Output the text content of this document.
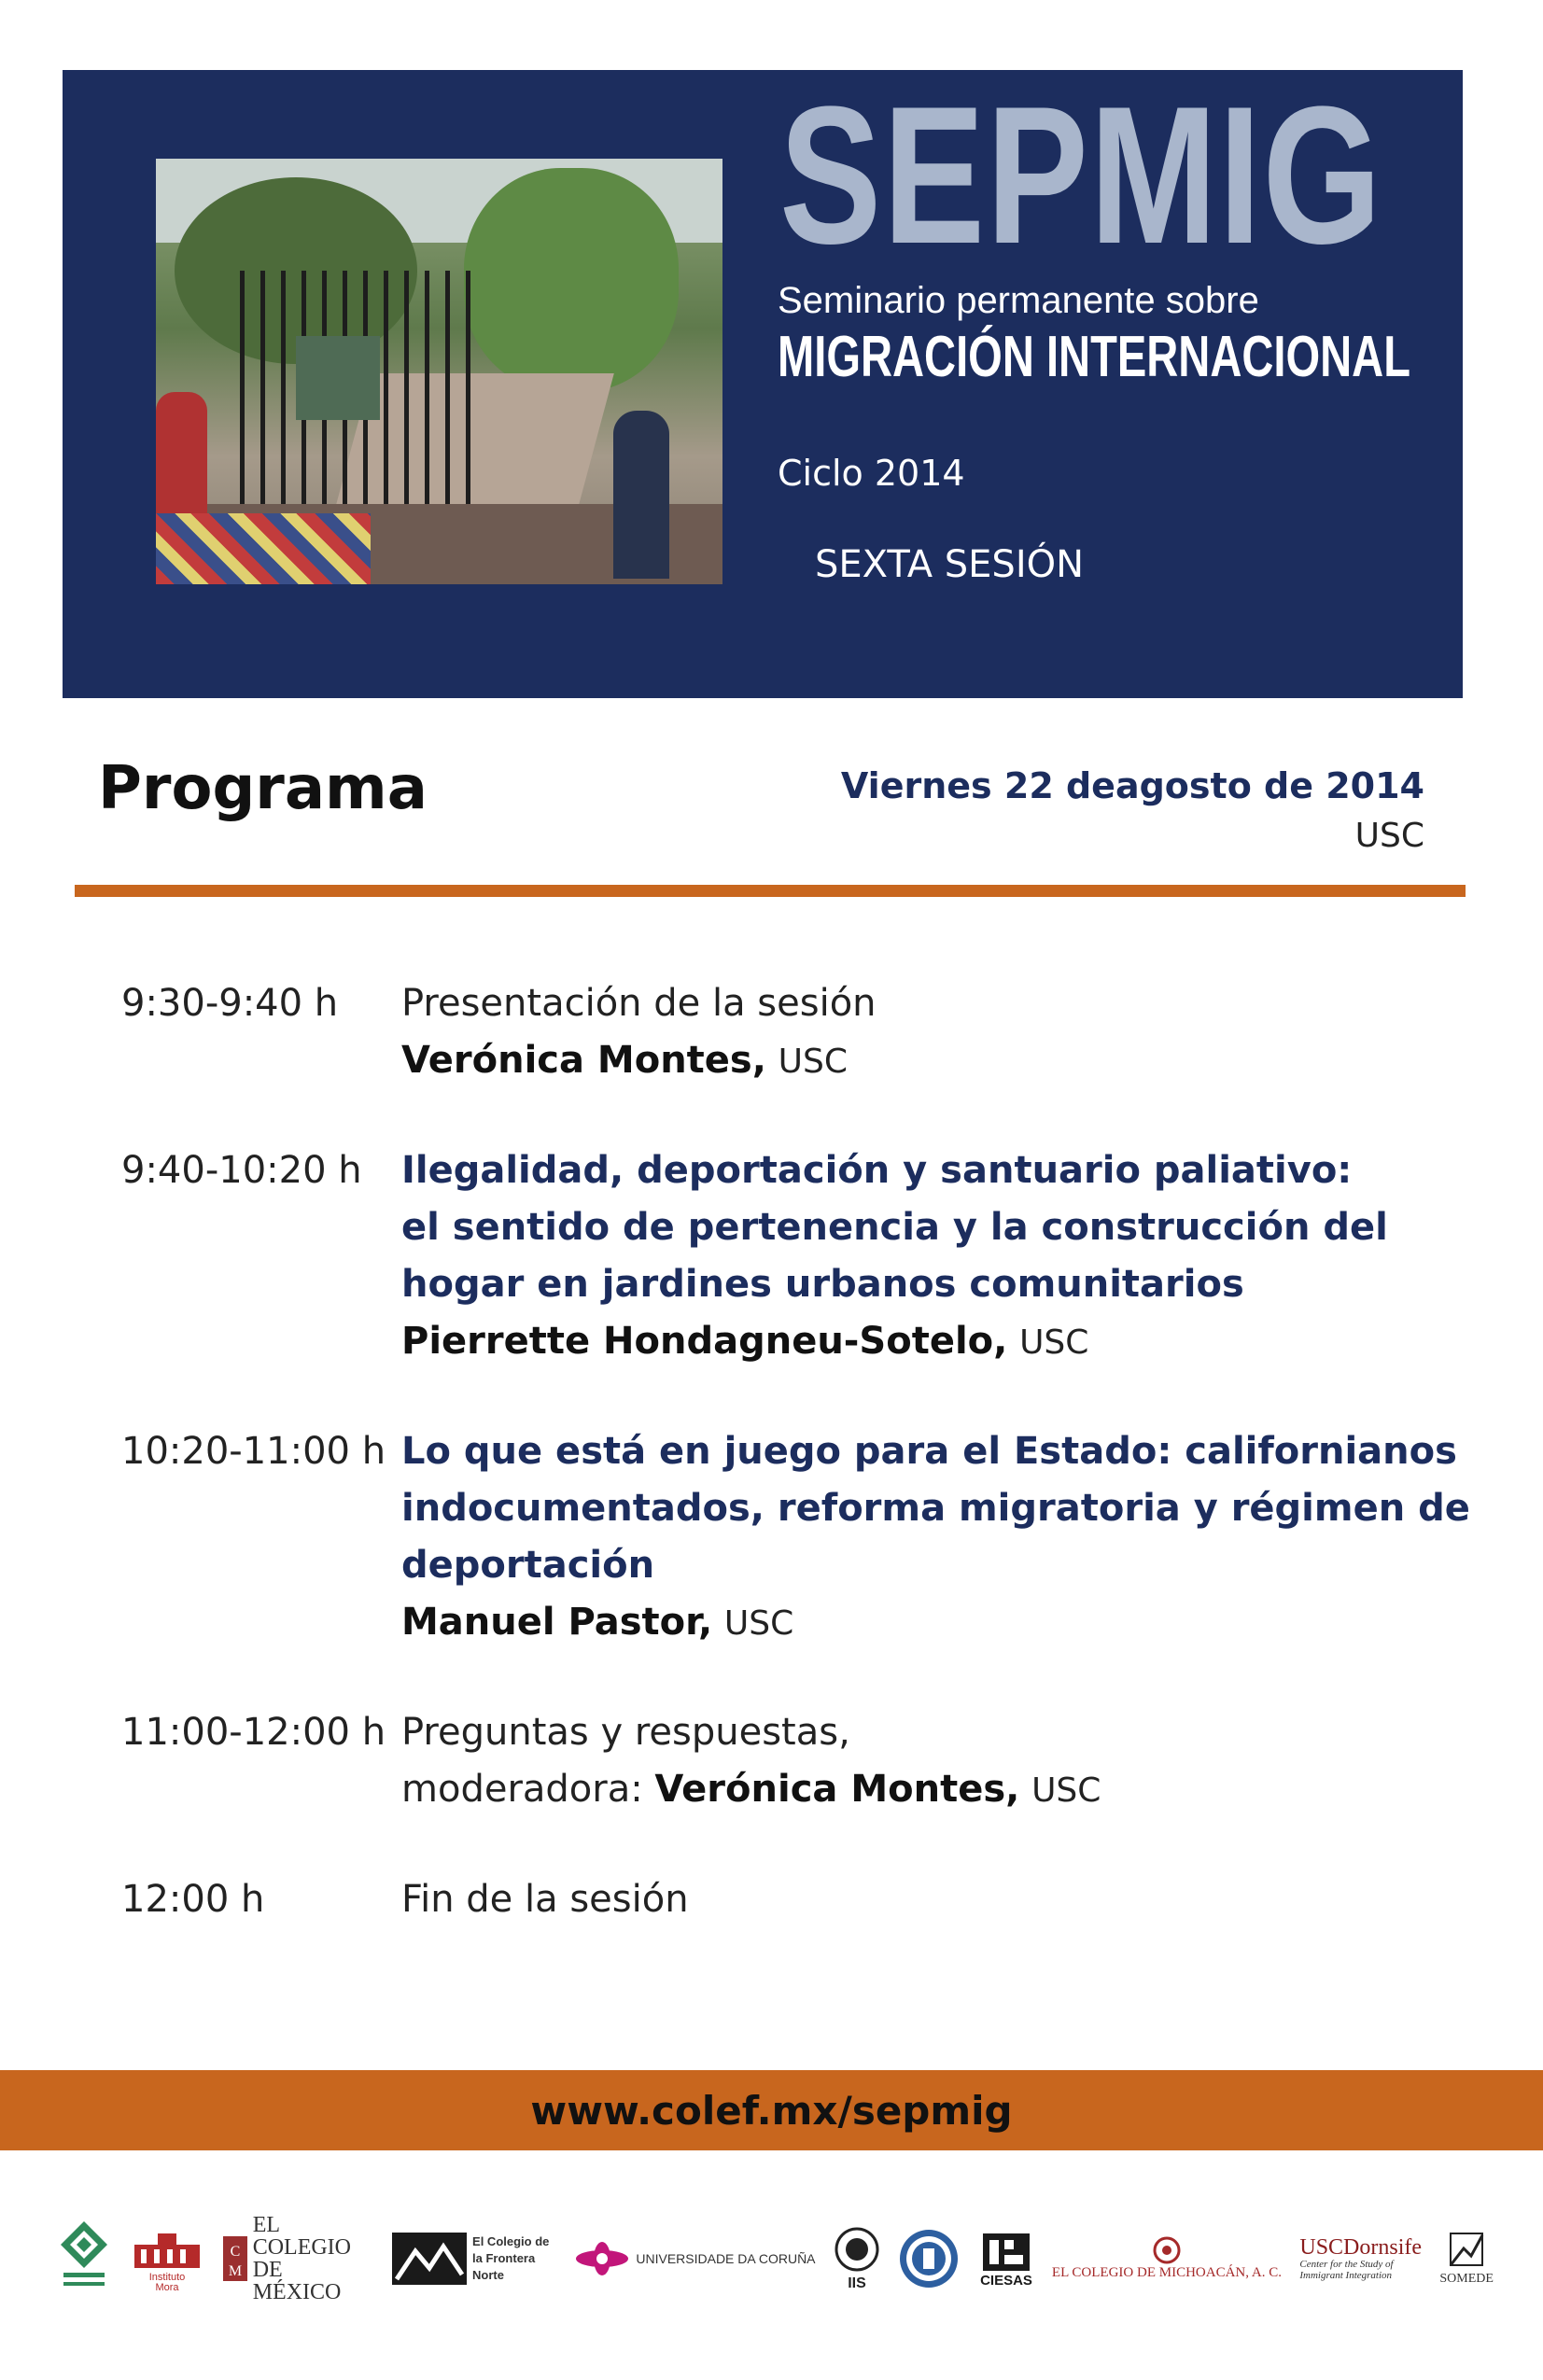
SEPMIG
Seminario permanente sobre
MIGRACIÓN INTERNACIONAL
Ciclo 2014
SEXTA SESIÓN
Programa	Viernes 22 deagosto de 2014
USC
9:30-9:40 h	Presentación de la sesión
Verónica Montes, USC
9:40-10:20 h	Ilegalidad, deportación y santuario paliativo:
el sentido de pertenencia y la construcción del
hogar en jardines urbanos comunitarios
Pierrette Hondagneu-Sotelo, USC
10:20-11:00 h Lo que está en juego para el Estado: californianos
indocumentados, reforma migratoria y régimen de
deportación
Manuel Pastor, USC
11:00-12:00 h Preguntas y respuestas,
moderadora: Verónica Montes, USC
12:00 h	Fin de la sesión
www.colef.mx/sepmig
Instituto
Mora
C
M
EL COLEGIO DE MÉXICO
El Colegio de la Frontera Norte
UNIVERSIDADE DA CORUÑA
IIS	CIESAS EL COLEGIO DE MICHOACÁN, A. C.
USCDornsife
Center for the Study of Immigrant Integration	SOMEDE
